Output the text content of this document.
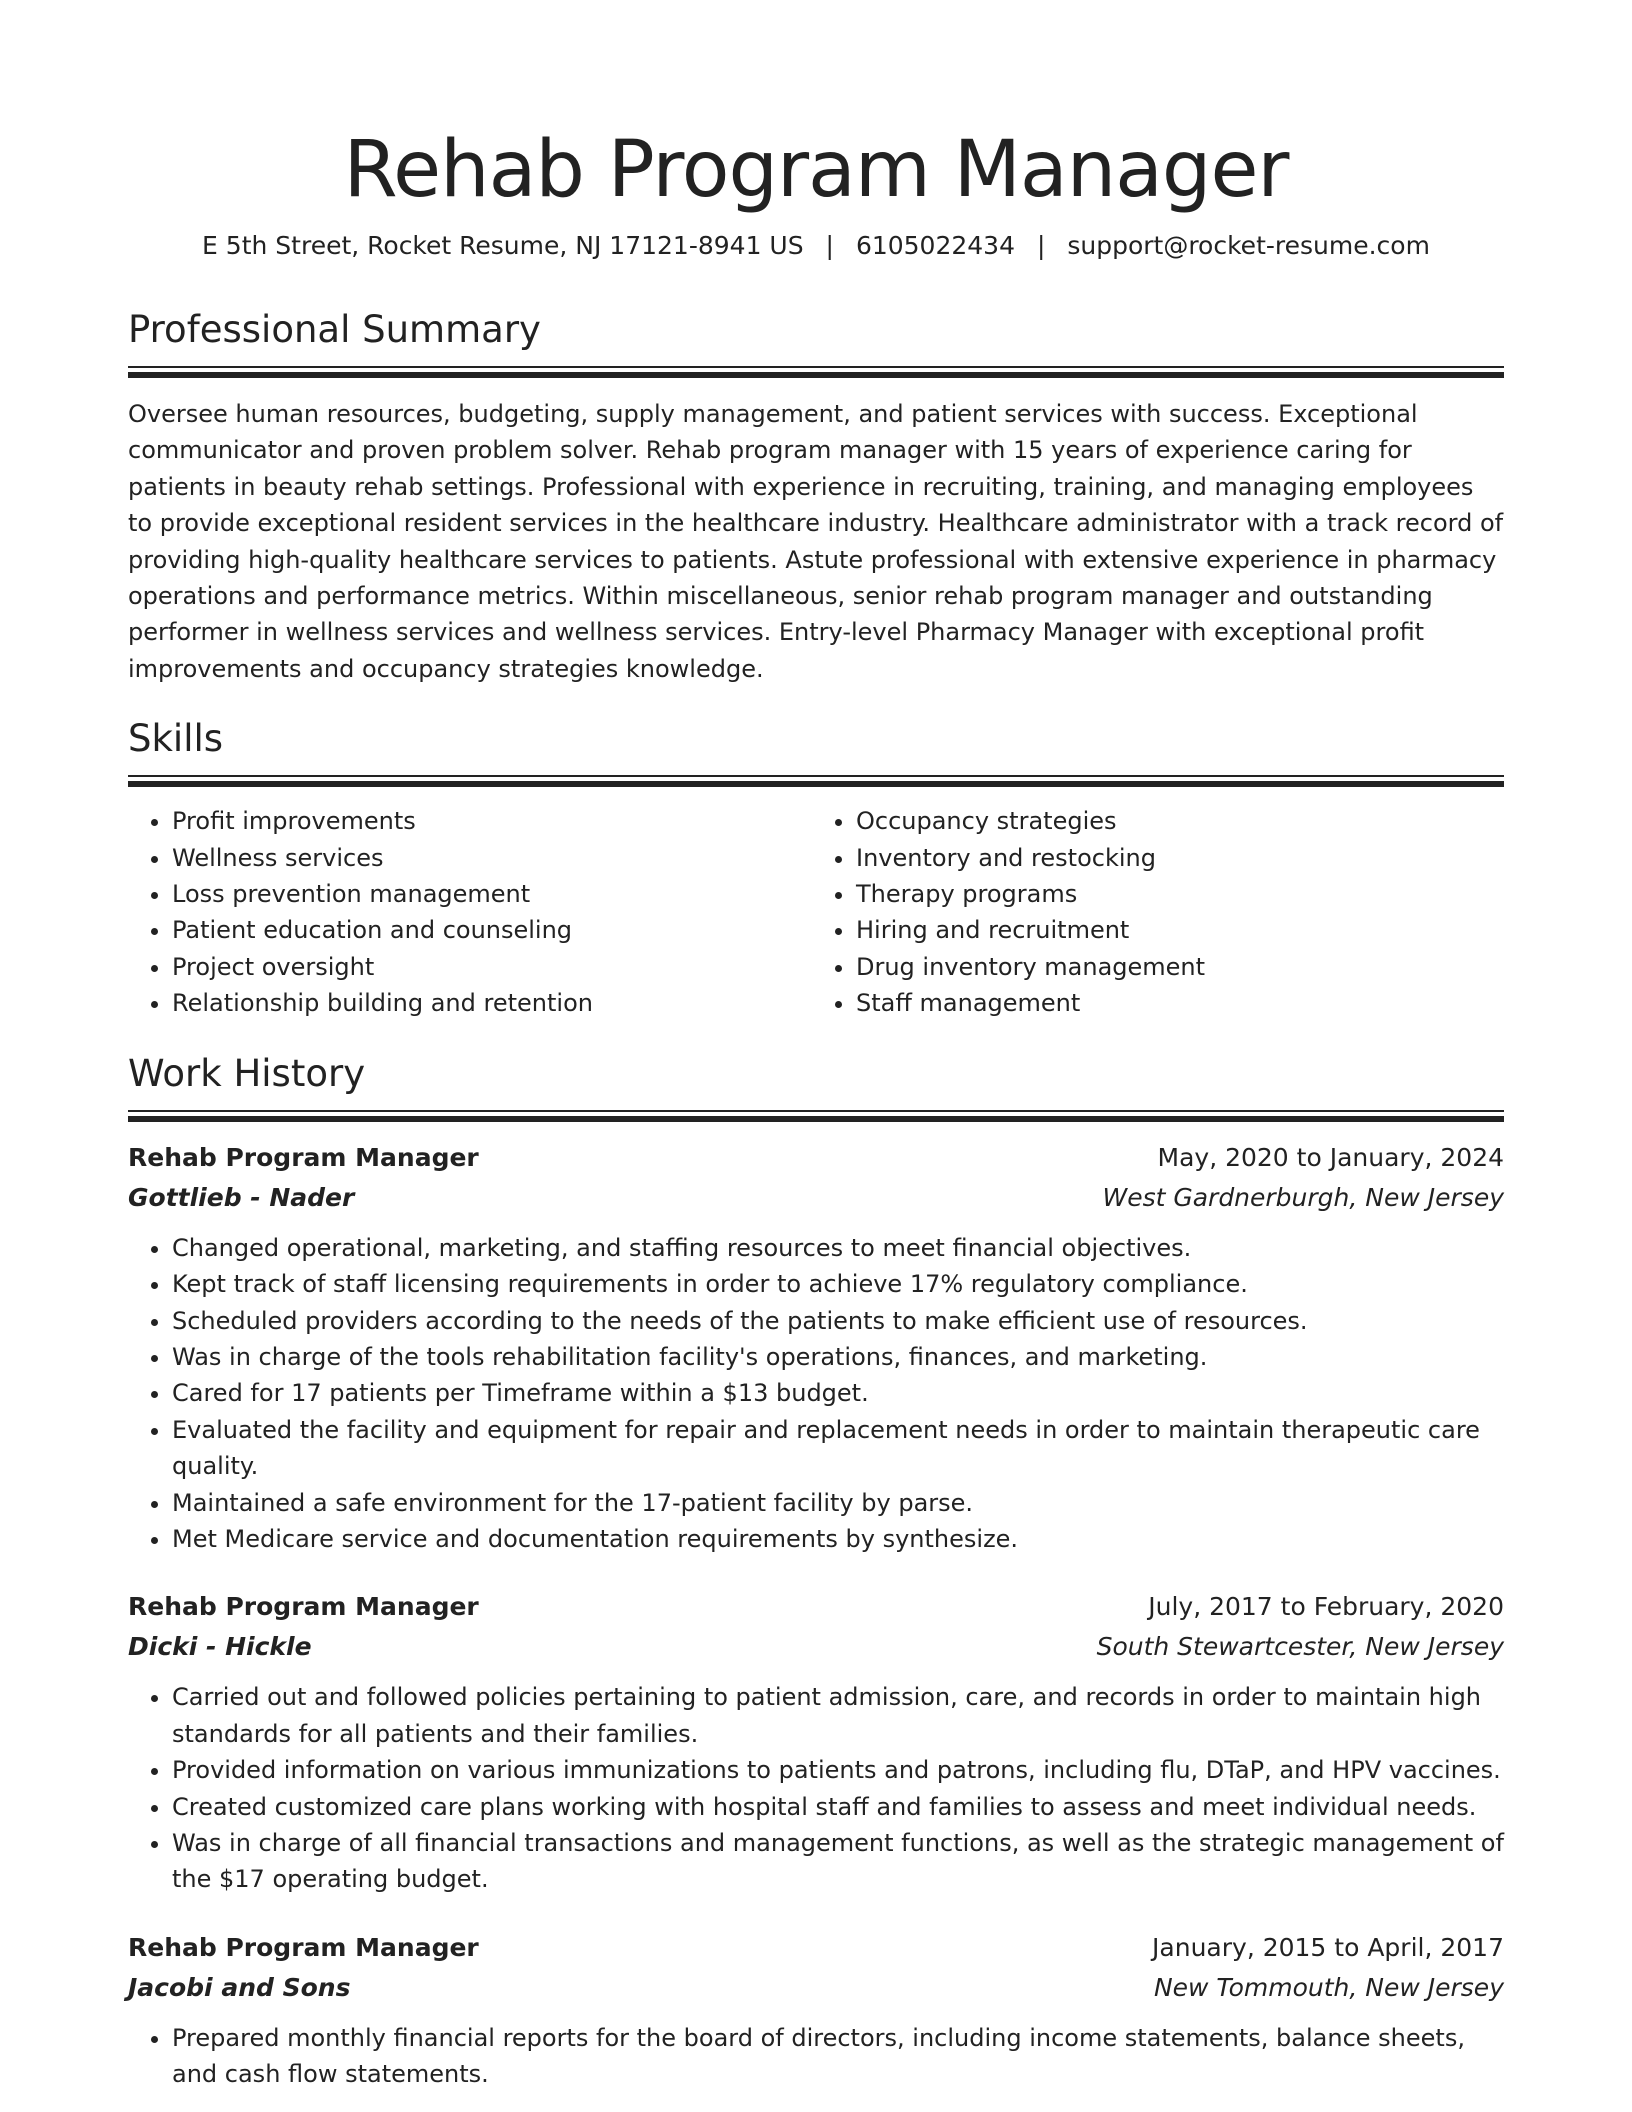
Rehab Program Manager
E 5th Street, Rocket Resume, NJ 17121-8941 US | 6105022434 | support@rocket-resume.com
Professional Summary

Oversee human resources, budgeting, supply management, and patient services with success. Exceptional communicator and proven problem solver. Rehab program manager with 15 years of experience caring for patients in beauty rehab settings. Professional with experience in recruiting, training, and managing employees to provide exceptional resident services in the healthcare industry. Healthcare administrator with a track record of providing high-quality healthcare services to patients. Astute professional with extensive experience in pharmacy operations and performance metrics. Within miscellaneous, senior rehab program manager and outstanding performer in wellness services and wellness services. Entry-level Pharmacy Manager with exceptional profit improvements and occupancy strategies knowledge.

Skills
• Profit improvements
• Wellness services
• Loss prevention management
• Patient education and counseling
• Project oversight
• Relationship building and retention
• Occupancy strategies
• Inventory and restocking
• Therapy programs
• Hiring and recruitment
• Drug inventory management
• Staff management
Work History
Rehab Program Manager	May, 2020 to January, 2024
Gottlieb - Nader	West Gardnerburgh, New Jersey
• Changed operational, marketing, and staffing resources to meet financial objectives.
• Kept track of staff licensing requirements in order to achieve 17% regulatory compliance.
• Scheduled providers according to the needs of the patients to make efficient use of resources.
• Was in charge of the tools rehabilitation facility's operations, finances, and marketing.
• Cared for 17 patients per Timeframe within a $13 budget.
• Evaluated the facility and equipment for repair and replacement needs in order to maintain therapeutic care quality.
• Maintained a safe environment for the 17-patient facility by parse.
• Met Medicare service and documentation requirements by synthesize.
Rehab Program Manager	July, 2017 to February, 2020
Dicki - Hickle	South Stewartcester, New Jersey
• Carried out and followed policies pertaining to patient admission, care, and records in order to maintain high standards for all patients and their families.
• Provided information on various immunizations to patients and patrons, including flu, DTaP, and HPV vaccines.
• Created customized care plans working with hospital staff and families to assess and meet individual needs.
• Was in charge of all financial transactions and management functions, as well as the strategic management of the $17 operating budget.
Rehab Program Manager	January, 2015 to April, 2017
Jacobi and Sons	New Tommouth, New Jersey
• Prepared monthly financial reports for the board of directors, including income statements, balance sheets, and cash flow statements.
